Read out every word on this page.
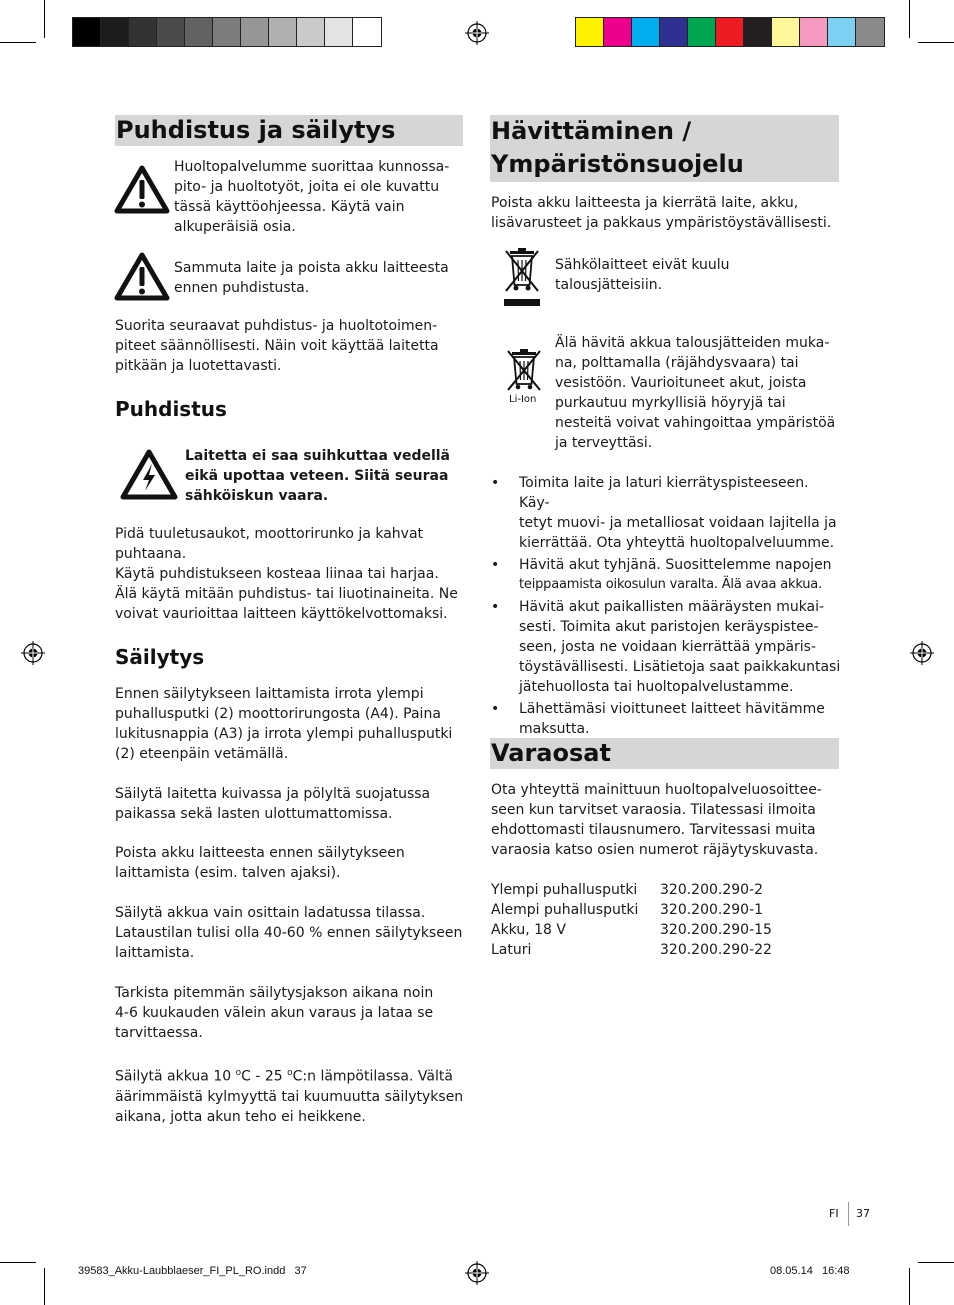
Puhdistus ja säilytys

Huoltopalvelumme suorittaa kunnossa-

pito- ja huoltotyöt, joita ei ole kuvattu

tässä käyttöohjeessa. Käytä vain

alkuperäisiä osia.

Sammuta laite ja poista akku laitteesta

ennen puhdistusta.

Suorita seuraavat puhdistus- ja huoltotoimen-

piteet säännöllisesti. Näin voit käyttää laitetta

pitkään ja luotettavasti.

Puhdistus

Laitetta ei saa suihkuttaa vedellä

eikä upottaa veteen. Siitä seuraa

sähköiskun vaara.

Pidä tuuletusaukot, moottorirunko ja kahvat

puhtaana.

Käytä puhdistukseen kosteaa liinaa tai harjaa.

Älä käytä mitään puhdistus- tai liuotinaineita. Ne

voivat vaurioittaa laitteen käyttökelvottomaksi.

Säilytys

Ennen säilytykseen laittamista irrota ylempi

puhallusputki (2) moottorirungosta (A4). Paina

lukitusnappia (A3) ja irrota ylempi puhallusputki

(2) eteenpäin vetämällä.

Säilytä laitetta kuivassa ja pölyltä suojatussa

paikassa sekä lasten ulottumattomissa.

Poista akku laitteesta ennen säilytykseen

laittamista (esim. talven ajaksi).

Säilytä akkua vain osittain ladatussa tilassa.

Lataustilan tulisi olla 40-60 % ennen säilytykseen

laittamista.

Tarkista pitemmän säilytysjakson aikana noin

4-6 kuukauden välein akun varaus ja lataa se

tarvittaessa.

Säilytä akkua 10 $^o$C - 25 $^o$C:n lämpötilassa. Vältä

äärimmäistä kylmyyttä tai kuumuutta säilytyksen

aikana, jotta akun teho ei heikkene.

Hävittäminen /
Ympäristönsuojelu

Poista akku laitteesta ja kierrätä laite, akku,

lisävarusteet ja pakkaus ympäristöystävällisesti.

Sähkölaitteet eivät kuulu

talousjätteisiin.

Li-Ion

Älä hävitä akkua talousjätteiden muka-

na, polttamalla (räjähdysvaara) tai

vesistöön. Vaurioituneet akut, joista

purkautuu myrkyllisiä höyryjä tai

nesteitä voivat vahingoittaa ympäristöä

ja terveyttäsi.

• Toimita laite ja laturi kierrätyspisteeseen. Käy-

tetyt muovi- ja metalliosat voidaan lajitella ja

kierrättää. Ota yhteyttä huoltopalveluumme.

• Hävitä akut tyhjänä. Suosittelemme napojen

teippaamista oikosulun varalta. Älä avaa akkua.

• Hävitä akut paikallisten määräysten mukai-

sesti. Toimita akut paristojen keräyspistee-

seen, josta ne voidaan kierrättää ympäris-

töystävällisesti. Lisätietoja saat paikkakuntasi

jätehuollosta tai huoltopalvelustamme.

• Lähettämäsi vioittuneet laitteet hävitämme

maksutta.

Varaosat

Ota yhteyttä mainittuun huoltopalveluosoittee-

seen kun tarvitset varaosia. Tilatessasi ilmoita

ehdottomasti tilausnumero. Tarvitessasi muita

varaosia katso osien numerot räjäytyskuvasta.

Ylempi puhallusputki	320.200.290-2
Alempi puhallusputki	320.200.290-1
Akku, 18 V	320.200.290-15
Laturi	320.200.290-22
FI 37
39583_Akku-Laubblaeser_FI_PL_RO.indd   37	08.05.14   16:48
